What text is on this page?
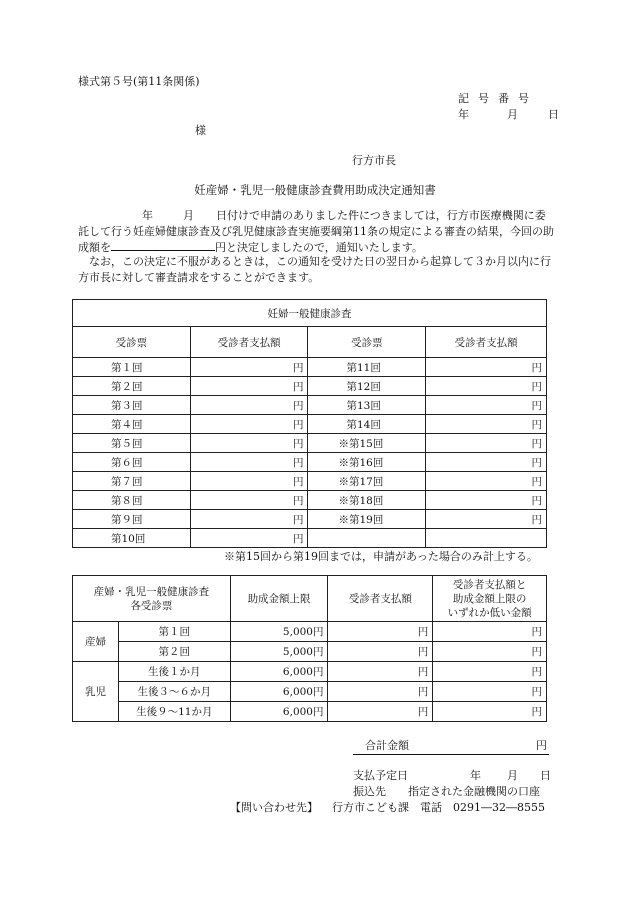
様式第５号(第11条関係)
記号番号
年	月	日
様
行方市長
妊産婦・乳児一般健康診査費用助成決定通知書
年	月 日付けで申請のありました件につきましては，行方市医療機関に委託して行う妊産婦健康診査及び乳児健康診査実施要綱第11条の規定による審査の結果，今回の助成額を	円と決定しましたので，通知いたします。
なお，この決定に不服があるときは，この通知を受けた日の翌日から起算して３か月以内に行方市長に対して審査請求をすることができます。
妊婦一般健康診査			
受診票	受診者支払額	受診票	受診者支払額
第１回	円	第11回	円
第２回	円	第12回	円
第３回	円	第13回	円
第４回	円	第14回	円
第５回	円	※第15回	円
第６回	円	※第16回	円
第７回	円	※第17回	円
第８回	円	※第18回	円
第９回	円	※第19回	円
第10回	円		
※第15回から第19回までは，申請があった場合のみ計上する。
産婦・乳児一般健康診査
各受診票		助成金額上限	受診者支払額	受診者支払額と
助成金額上限の
いずれか低い金額
産婦	第１回	5,000円	円	円
	第２回	5,000円	円	円
乳児	生後１か月	6,000円	円	円
	生後３～６か月	6,000円	円	円
	生後９～11か月	6,000円	円	円
合計金額	円
支払予定日	年 月 日
振込先 指定された金融機関の口座
【問い合わせ先】 行方市こども課　電話　0291―32―8555
